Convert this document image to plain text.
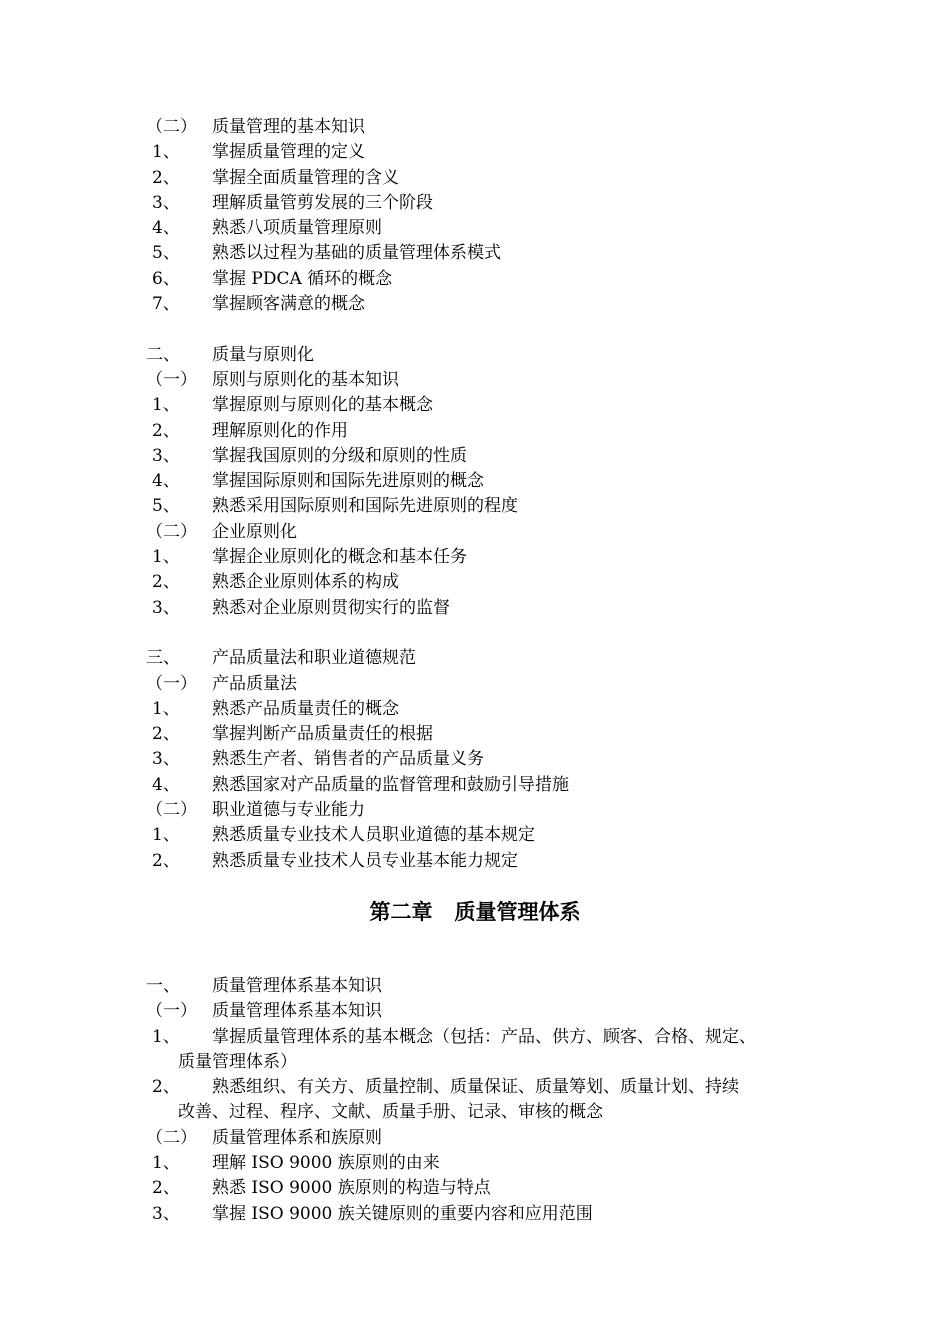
（二） 质量管理的基本知识
1、 掌握质量管理的定义
2、 掌握全面质量管理的含义
3、 理解质量管剪发展的三个阶段
4、 熟悉八项质量管理原则
5、 熟悉以过程为基础的质量管理体系模式
6、 掌握 PDCA 循环的概念
7、 掌握顾客满意的概念
二、 质量与原则化
（一） 原则与原则化的基本知识
1、 掌握原则与原则化的基本概念
2、 理解原则化的作用
3、 掌握我国原则的分级和原则的性质
4、 掌握国际原则和国际先进原则的概念
5、 熟悉采用国际原则和国际先进原则的程度
（二） 企业原则化
1、 掌握企业原则化的概念和基本任务
2、 熟悉企业原则体系的构成
3、 熟悉对企业原则贯彻实行的监督
三、 产品质量法和职业道德规范
（一） 产品质量法
1、 熟悉产品质量责任的概念
2、 掌握判断产品质量责任的根据
3、 熟悉生产者、销售者的产品质量义务
4、 熟悉国家对产品质量的监督管理和鼓励引导措施
（二） 职业道德与专业能力
1、 熟悉质量专业技术人员职业道德的基本规定
2、 熟悉质量专业技术人员专业基本能力规定
第二章 质量管理体系
一、 质量管理体系基本知识
（一） 质量管理体系基本知识
1、 掌握质量管理体系的基本概念（包括：产品、供方、顾客、合格、规定、
质量管理体系）
2、 熟悉组织、有关方、质量控制、质量保证、质量筹划、质量计划、持续
改善、过程、程序、文献、质量手册、记录、审核的概念
（二） 质量管理体系和族原则
1、 理解 ISO 9000 族原则的由来
2、 熟悉 ISO 9000 族原则的构造与特点
3、 掌握 ISO 9000 族关键原则的重要内容和应用范围
